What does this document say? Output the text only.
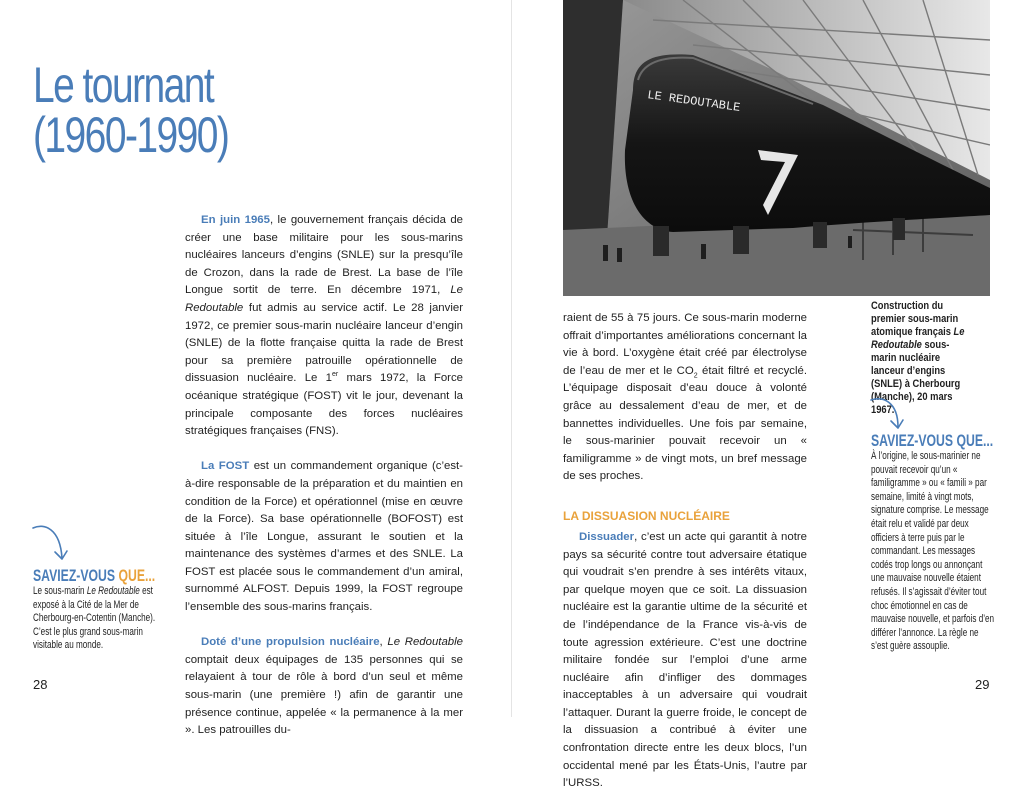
Le tournant
(1960-1990)

En juin 1965, le gouvernement français décida de créer une base militaire pour les sous-marins nucléaires lanceurs d’engins (SNLE) sur la presqu’île de Crozon, dans la rade de Brest. La base de l’île Longue sortit de terre. En décembre 1971, Le Redoutable fut admis au service actif. Le 28 janvier 1972, ce premier sous-marin nucléaire lanceur d’engin (SNLE) de la flotte française quitta la rade de Brest pour sa première patrouille opérationnelle de dissuasion nucléaire. Le 1er mars 1972, la Force océanique stratégique (FOST) vit le jour, devenant la principale composante des forces nucléaires stratégiques françaises (FNS).

La FOST est un commandement organique (c’est-à-dire responsable de la préparation et du maintien en condition de la Force) et opérationnel (mise en œuvre de la Force). Sa base opérationnelle (BOFOST) est située à l’île Longue, assurant le soutien et la maintenance des systèmes d’armes et des SNLE. La FOST est placée sous le commandement d’un amiral, surnommé ALFOST. Depuis 1999, la FOST regroupe l’ensemble des sous-marins français.

Doté d’une propulsion nucléaire, Le Redoutable comptait deux équipages de 135 personnes qui se relayaient à tour de rôle à bord d’un seul et même sous-marin (une première !) afin de garantir une présence continue, appelée « la permanence à la mer ». Les patrouilles du-

SAVIEZ-VOUS QUE...

Le sous-marin Le Redoutable est exposé à la Cité de la Mer de Cherbourg-en-Cotentin (Manche). C’est le plus grand sous-marin visitable au monde.

28

LE REDOUTABLE

raient de 55 à 75 jours. Ce sous-marin moderne offrait d’importantes améliorations concernant la vie à bord. L’oxygène était créé par électrolyse de l’eau de mer et le $CO_2$ était filtré et recyclé. L’équipage disposait d’eau douce à volonté grâce au dessalement d’eau de mer, et de bannettes individuelles. Une fois par semaine, le sous-marinier pouvait recevoir un « familigramme » de vingt mots, un bref message de ses proches.

LA DISSUASION NUCLÉAIRE

Dissuader, c’est un acte qui garantit à notre pays sa sécurité contre tout adversaire étatique qui voudrait s’en prendre à ses intérêts vitaux, par quelque moyen que ce soit. La dissuasion nucléaire est la garantie ultime de la sécurité et de l’indépendance de la France vis-à-vis de toute agression extérieure. C’est une doctrine militaire fondée sur l’emploi d’une arme nucléaire afin d’infliger des dommages inacceptables à un adversaire qui voudrait l’attaquer. Durant la guerre froide, le concept de la dissuasion a contribué à éviter une confrontation directe entre les deux blocs, l’un occidental mené par les États-Unis, l’autre par l’URSS.

Construction du premier sous-marin atomique français Le Redoutable sous-marin nucléaire lanceur d’engins (SNLE) à Cherbourg (Manche), 20 mars 1967.

SAVIEZ-VOUS QUE...

À l’origine, le sous-marinier ne pouvait recevoir qu’un « familigramme » ou « famili » par semaine, limité à vingt mots, signature comprise. Le message était relu et validé par deux officiers à terre puis par le commandant. Les messages codés trop longs ou annonçant une mauvaise nouvelle étaient refusés. Il s’agissait d’éviter tout choc émotionnel en cas de mauvaise nouvelle, et parfois d’en différer l’annonce. La règle ne s’est guère assouplie.

29
